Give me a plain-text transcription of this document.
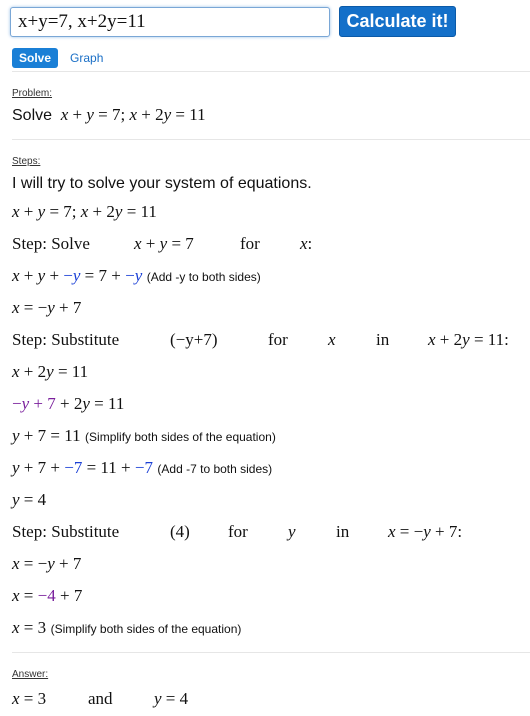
x+y=7, x+2y=11	Calculate it!
Solve	Graph
Problem:
Solve x + y = 7; x + 2y = 11
Steps:
I will try to solve your system of equations.
x + y = 7; x + 2y = 11
Step: Solve	x + y = 7	for x:
x + y + −y = 7 + −y (Add -y to both sides)
x = −y + 7
Step: Substitute	(−y+7)	for x in x + 2y = 11:
x + 2y = 11
−y + 7 + 2y = 11
y + 7 = 11 (Simplify both sides of the equation)
y + 7 + −7 = 11 + −7 (Add -7 to both sides)
y = 4
Step: Substitute	(4) for y in x = −y + 7:
x = −y + 7
x = −4 + 7
x = 3 (Simplify both sides of the equation)
Answer:
x = 3 and y = 4
